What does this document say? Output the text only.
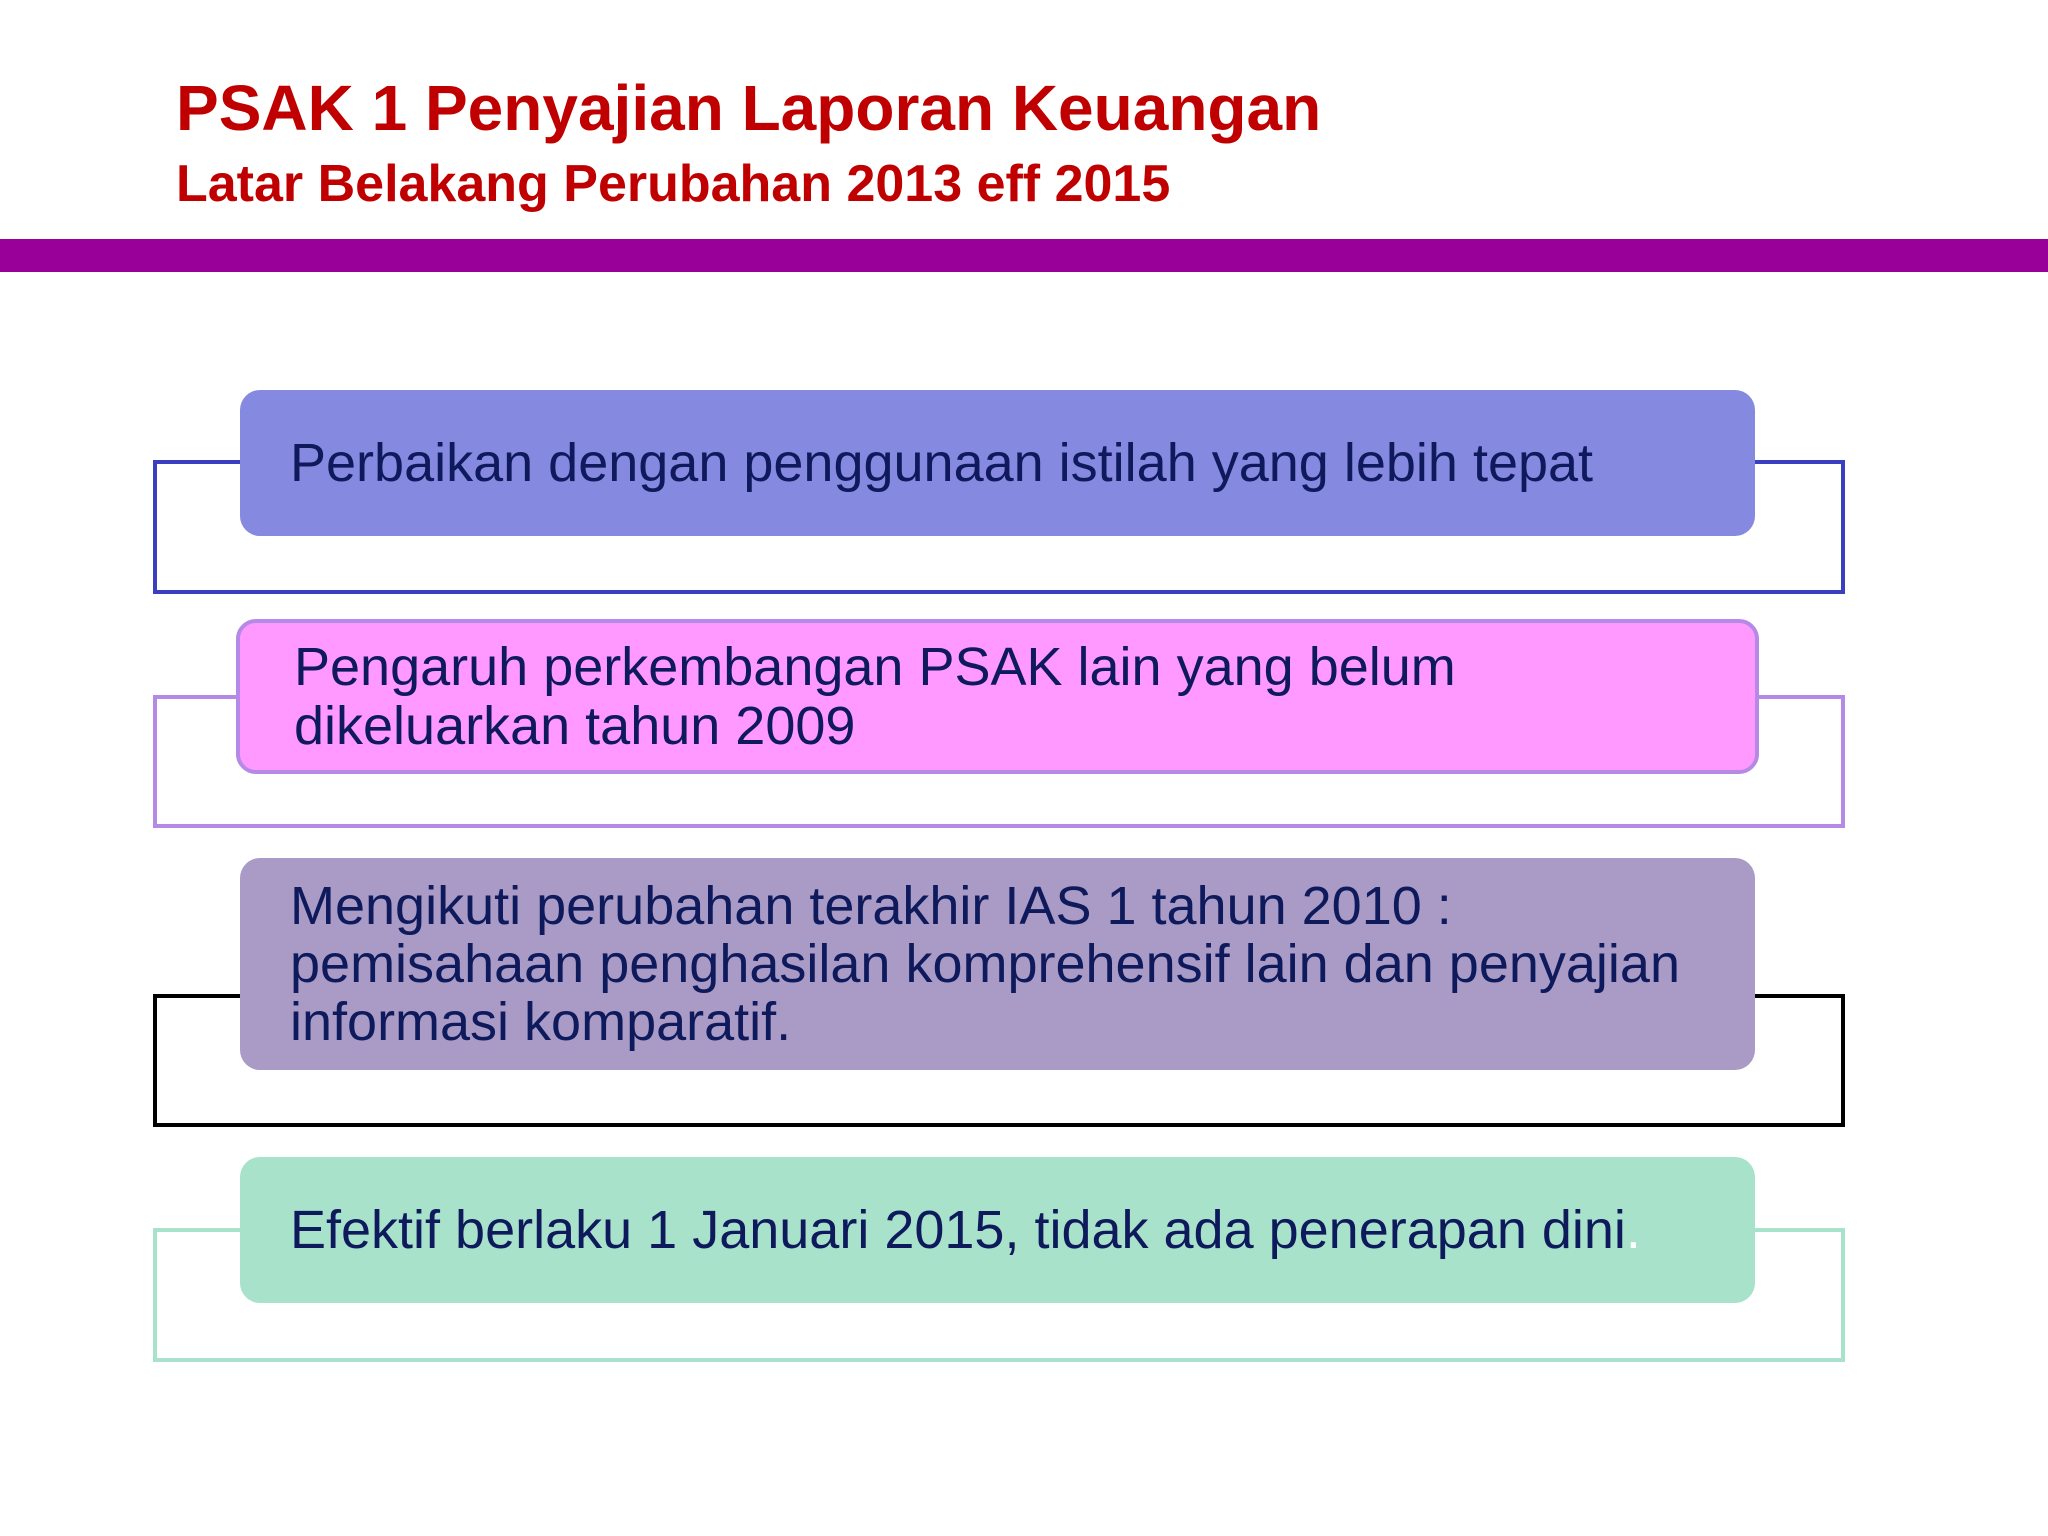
PSAK 1 Penyajian Laporan Keuangan
Latar Belakang Perubahan 2013 eff 2015
Perbaikan dengan penggunaan istilah yang lebih tepat
Pengaruh perkembangan PSAK lain yang belum dikeluarkan tahun 2009
Mengikuti perubahan terakhir IAS 1 tahun 2010 : pemisahaan penghasilan komprehensif lain dan penyajian informasi komparatif.
Efektif berlaku 1 Januari 2015, tidak ada penerapan dini.
